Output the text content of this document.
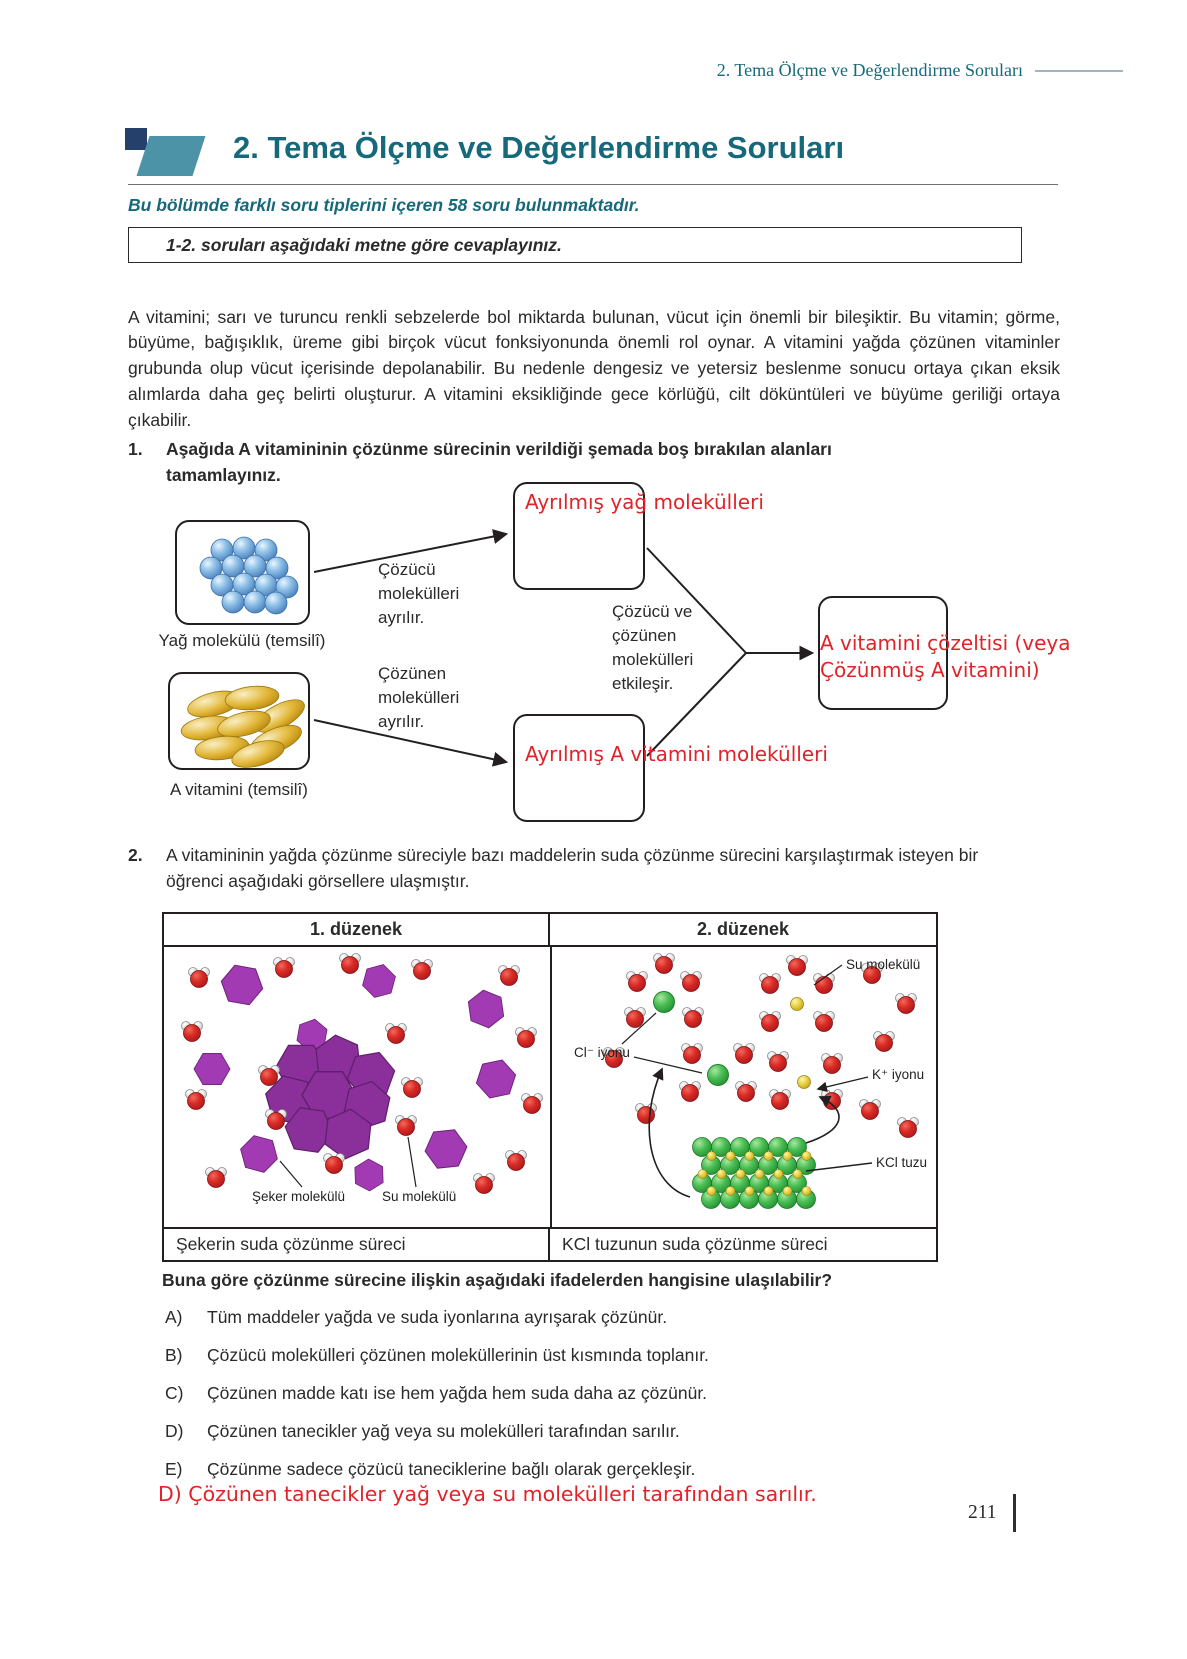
2. Tema Ölçme ve Değerlendirme Soruları
2. Tema Ölçme ve Değerlendirme Soruları
Bu bölümde farklı soru tiplerini içeren 58 soru bulunmaktadır.
1-2. soruları aşağıdaki metne göre cevaplayınız.

A vitamini; sarı ve turuncu renkli sebzelerde bol miktarda bulunan, vücut için önemli bir bileşiktir. Bu vitamin; görme, büyüme, bağışıklık, üreme gibi birçok vücut fonksiyonunda önemli rol oynar. A vitamini yağda çözünen vitaminler grubunda olup vücut içerisinde depolanabilir. Bu nedenle dengesiz ve yetersiz beslenme sonucu ortaya çıkan eksik alımlarda daha geç belirti oluşturur. A vitamini eksikliğinde gece körlüğü, cilt döküntüleri ve büyüme geriliği ortaya çıkabilir.

1.	Aşağıda A vitamininin çözünme sürecinin verildiği şemada boş bırakılan alanları tamamlayınız.
Ayrılmış yağ molekülleri
Yağ molekülü (temsilî)
Çözücü molekülleri ayrılır.
Çözünen molekülleri ayrılır.
Çözücü ve çözünen molekülleri etkileşir.
A vitamini (temsilî)
Ayrılmış A vitamini molekülleri
A vitamini çözeltisi (veya Çözünmüş A vitamini)
2.	A vitamininin yağda çözünme süreciyle bazı maddelerin suda çözünme sürecini karşılaştırmak isteyen bir öğrenci aşağıdaki görsellere ulaşmıştır.
1. düzenek	2. düzenek
Şeker molekülü	Su molekülü
Su molekülü
Cl⁻ iyonu
K⁺ iyonu
KCl tuzu
Şekerin suda çözünme süreci	KCl tuzunun suda çözünme süreci
Buna göre çözünme sürecine ilişkin aşağıdaki ifadelerden hangisine ulaşılabilir?
A)	Tüm maddeler yağda ve suda iyonlarına ayrışarak çözünür.
B)	Çözücü molekülleri çözünen moleküllerinin üst kısmında toplanır.
C)	Çözünen madde katı ise hem yağda hem suda daha az çözünür.
D)	Çözünen tanecikler yağ veya su molekülleri tarafından sarılır.
E)	Çözünme sadece çözücü taneciklerine bağlı olarak gerçekleşir.
D) Çözünen tanecikler yağ veya su molekülleri tarafından sarılır.
211
